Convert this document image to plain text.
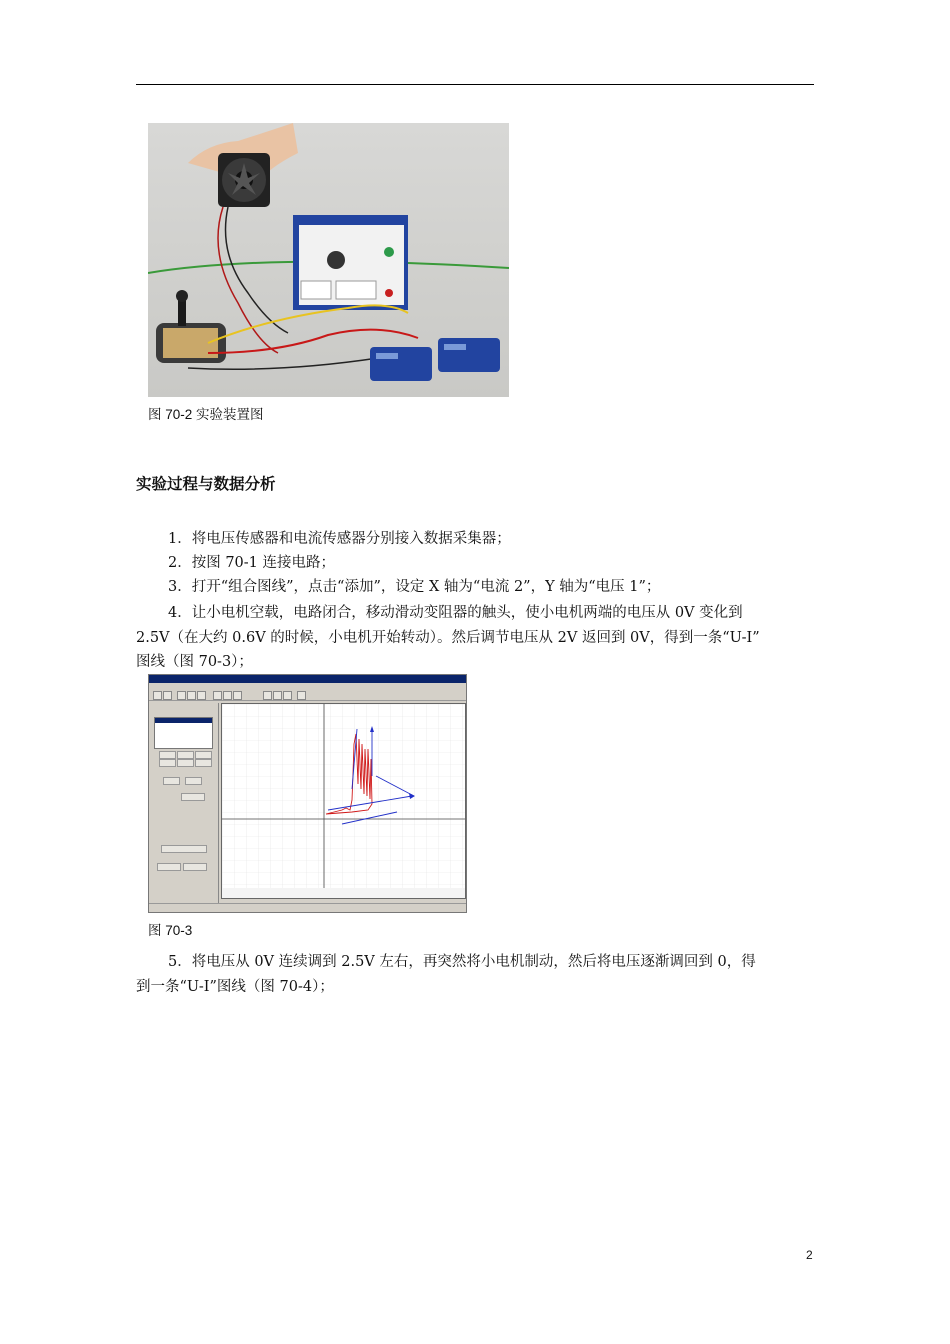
图 70-2 实验装置图
实验过程与数据分析
1．将电压传感器和电流传感器分别接入数据采集器；
2．按图 70-1 连接电路；
3．打开“组合图线”，点击“添加”，设定 X 轴为“电流 2”，Y 轴为“电压 1”；
4．让小电机空载，电路闭合，移动滑动变阻器的触头，使小电机两端的电压从 0V 变化到
2.5V（在大约 0.6V 的时候，小电机开始转动）。然后调节电压从 2V 返回到 0V，得到一条“U-I”
图线（图 70-3）；
图 70-3
5．将电压从 0V 连续调到 2.5V 左右，再突然将小电机制动，然后将电压逐渐调回到 0，得
到一条“U-I”图线（图 70-4）；
2
